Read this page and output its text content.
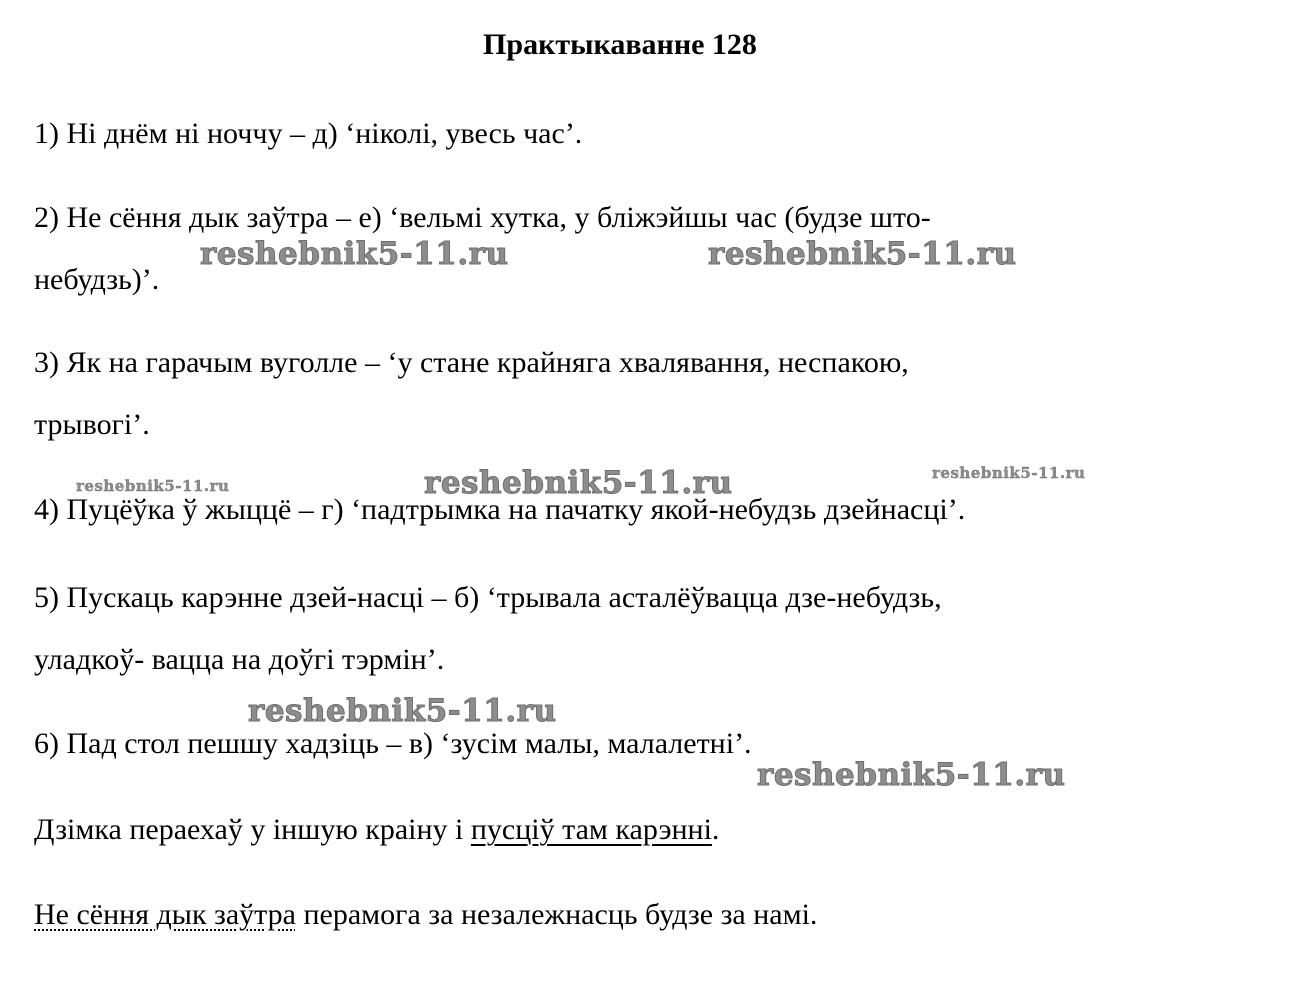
Практыкаванне 128
1) Ні днём ні ноччу – д) ‘ніколі, увесь час’.
2) Не сёння дык заўтра – е) ‘вельмі хутка, у бліжэйшы час (будзе што-
небудзь)’.
3) Як на гарачым вуголле – ‘у стане крайняга хвалявання, неспакою,
трывогі’.
4) Пуцёўка ў жыццё – г) ‘падтрымка на пачатку якой-небудзь дзейнасці’.
5) Пускаць карэнне дзей-насці – б) ‘трывала асталёўвацца дзе-небудзь,
уладкоў- вацца на доўгі тэрмін’.
6) Пад стол пешшу хадзіць – в) ‘зусім малы, малалетні’.
Дзімка пераехаў у іншую краіну і пусціў там карэнні.
Не сёння дык заўтра перамога за незалежнасць будзе за намі.
reshebnik5-11.ru	reshebnik5-11.ru
reshebnik5-11.ru	reshebnik5-11.ru	reshebnik5-11.ru
reshebnik5-11.ru
reshebnik5-11.ru
